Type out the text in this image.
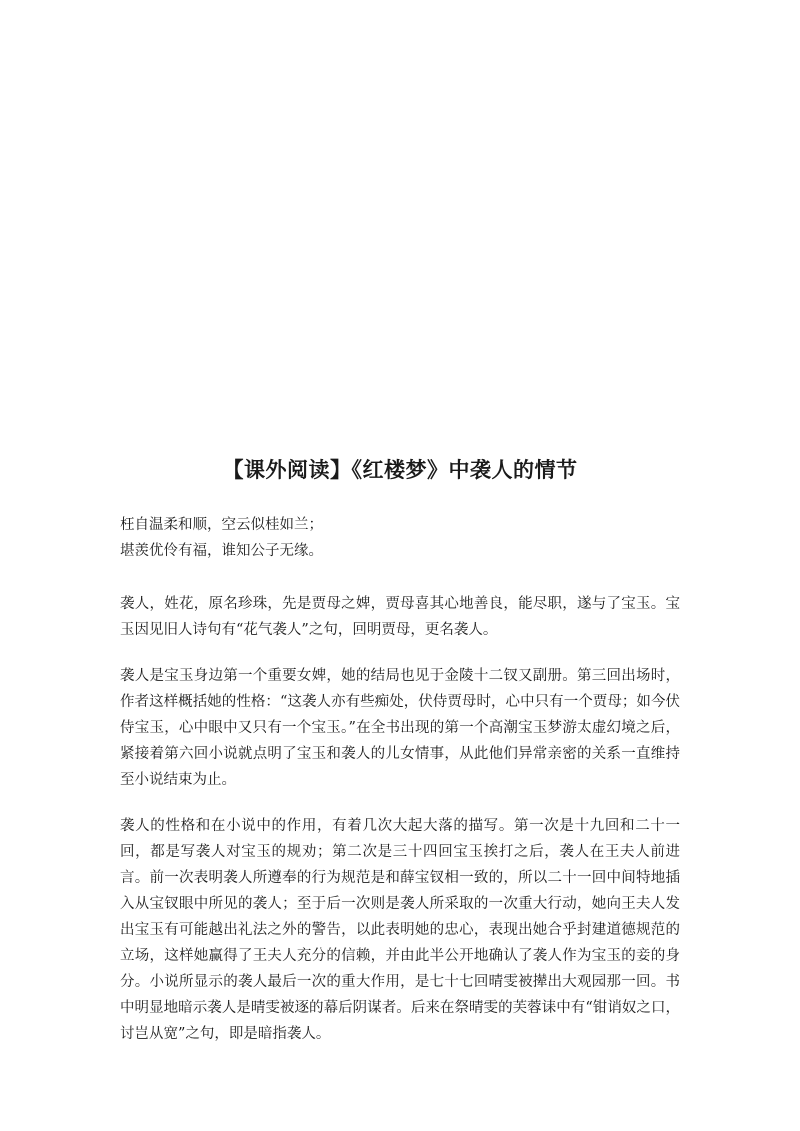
【课外阅读】《红楼梦》中袭人的情节
枉自温柔和顺，空云似桂如兰；
堪羡优伶有福，谁知公子无缘。

袭人，姓花，原名珍珠，先是贾母之婢，贾母喜其心地善良，能尽职，遂与了宝玉。宝玉因见旧人诗句有“花气袭人”之句，回明贾母，更名袭人。

袭人是宝玉身边第一个重要女婢，她的结局也见于金陵十二钗又副册。第三回出场时，作者这样概括她的性格：“这袭人亦有些痴处，伏侍贾母时，心中只有一个贾母；如今伏侍宝玉，心中眼中又只有一个宝玉。”在全书出现的第一个高潮宝玉梦游太虚幻境之后，紧接着第六回小说就点明了宝玉和袭人的儿女情事，从此他们异常亲密的关系一直维持至小说结束为止。

袭人的性格和在小说中的作用，有着几次大起大落的描写。第一次是十九回和二十一回，都是写袭人对宝玉的规劝；第二次是三十四回宝玉挨打之后，袭人在王夫人前进言。前一次表明袭人所遵奉的行为规范是和薛宝钗相一致的，所以二十一回中间特地插入从宝钗眼中所见的袭人；至于后一次则是袭人所采取的一次重大行动，她向王夫人发出宝玉有可能越出礼法之外的警告，以此表明她的忠心，表现出她合乎封建道德规范的立场，这样她赢得了王夫人充分的信赖，并由此半公开地确认了袭人作为宝玉的妾的身分。小说所显示的袭人最后一次的重大作用，是七十七回晴雯被撵出大观园那一回。书中明显地暗示袭人是晴雯被逐的幕后阴谋者。后来在祭晴雯的芙蓉诔中有“钳诮奴之口，讨岂从宽”之句，即是暗指袭人。
